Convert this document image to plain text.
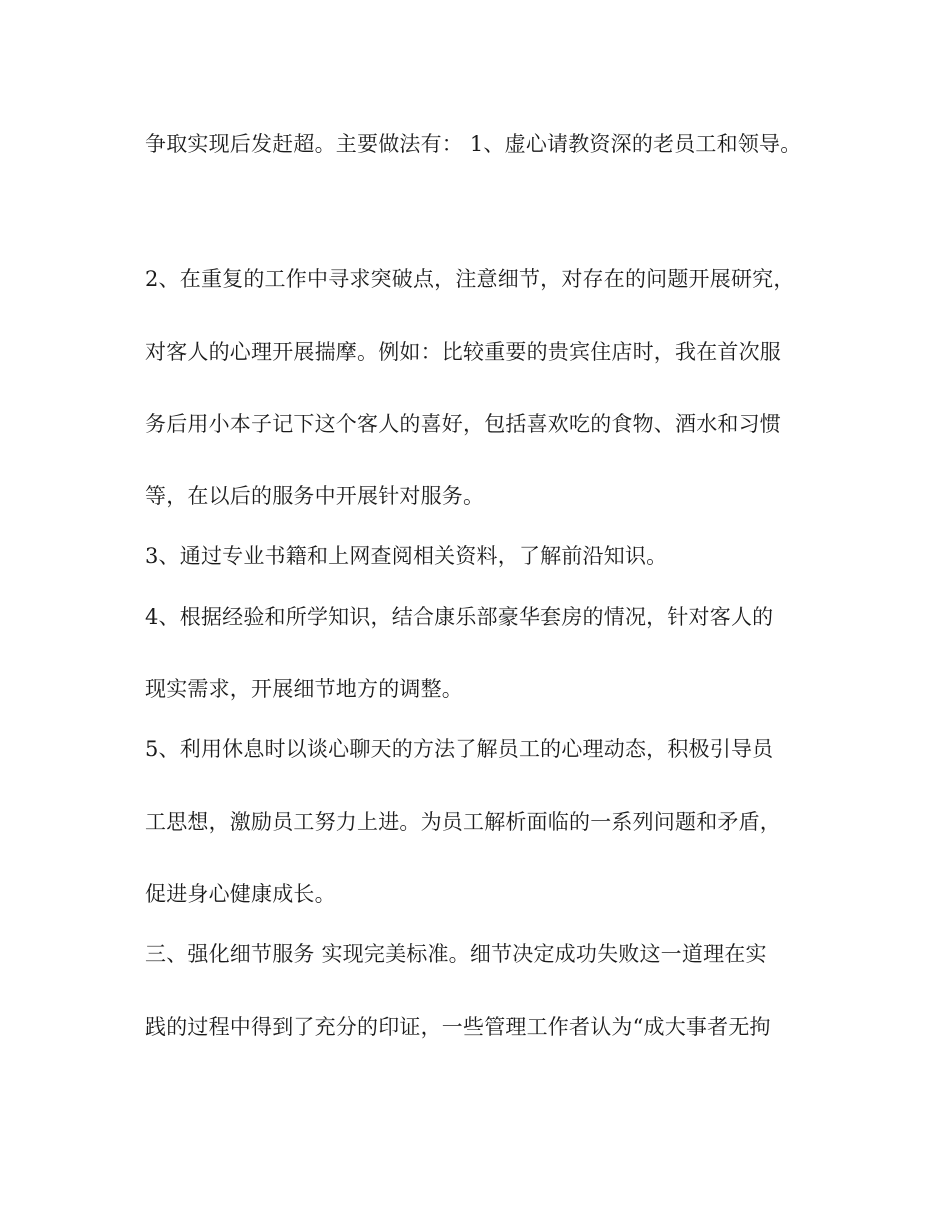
争取实现后发赶超。主要做法有： 1、虚心请教资深的老员工和领导。
2、在重复的工作中寻求突破点，注意细节，对存在的问题开展研究，
对客人的心理开展揣摩。例如：比较重要的贵宾住店时，我在首次服
务后用小本子记下这个客人的喜好，包括喜欢吃的食物、酒水和习惯
等，在以后的服务中开展针对服务。
3、通过专业书籍和上网查阅相关资料，了解前沿知识。
4、根据经验和所学知识，结合康乐部豪华套房的情况，针对客人的
现实需求，开展细节地方的调整。
5、利用休息时以谈心聊天的方法了解员工的心理动态，积极引导员
工思想，激励员工努力上进。为员工解析面临的一系列问题和矛盾，
促进身心健康成长。
三、强化细节服务 实现完美标准。细节决定成功失败这一道理在实
践的过程中得到了充分的印证，一些管理工作者认为“成大事者无拘
